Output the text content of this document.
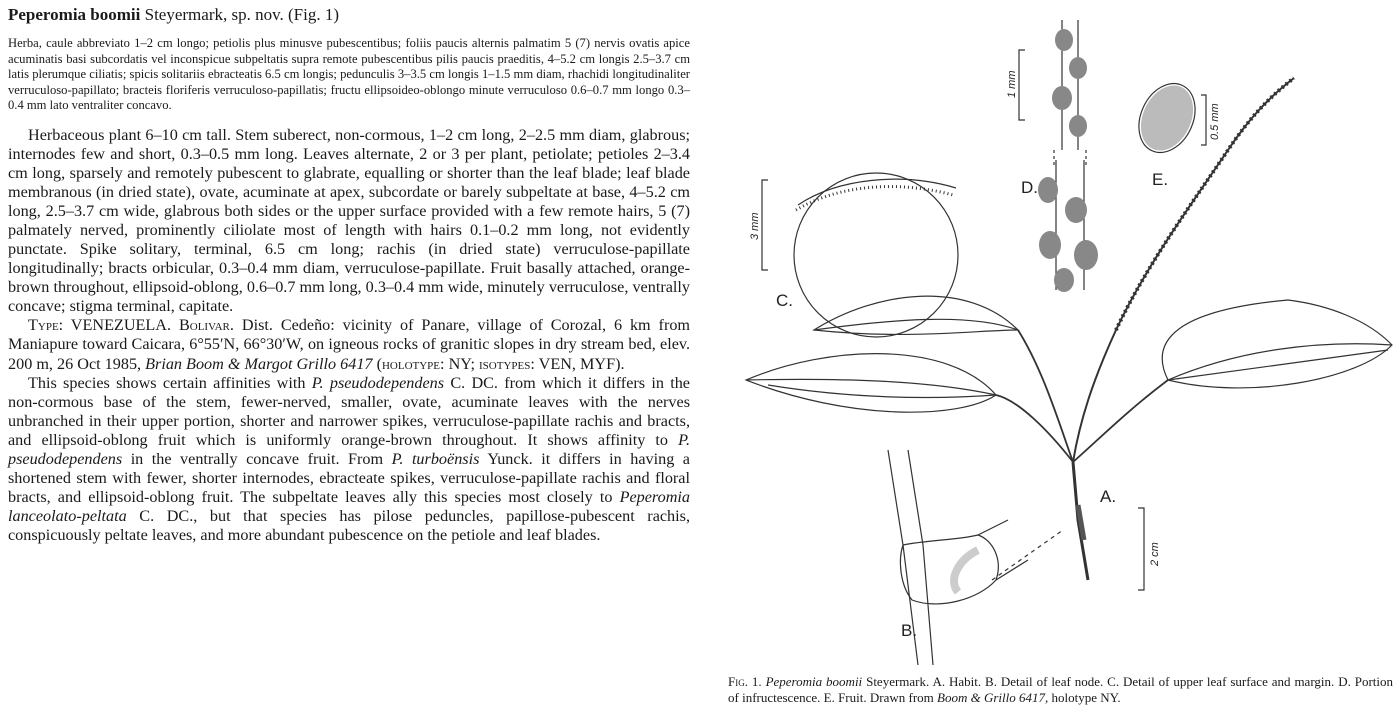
Peperomia boomii Steyermark, sp. nov. (Fig. 1)

Herba, caule abbreviato 1–2 cm longo; petiolis plus minusve pubescentibus; foliis paucis alternis palmatim 5 (7) nervis ovatis apice acuminatis basi subcordatis vel inconspicue subpeltatis supra remote pubescentibus pilis paucis praeditis, 4–5.2 cm longis 2.5–3.7 cm latis plerumque ciliatis; spicis solitariis ebracteatis 6.5 cm longis; pedunculis 3–3.5 cm longis 1–1.5 mm diam, rhachidi longitudinaliter verruculoso-papillato; bracteis floriferis verruculoso-papillatis; fructu ellipsoideo-oblongo minute verruculoso 0.6–0.7 mm longo 0.3–0.4 mm lato ventraliter concavo.

Herbaceous plant 6–10 cm tall. Stem suberect, non-cormous, 1–2 cm long, 2–2.5 mm diam, glabrous; internodes few and short, 0.3–0.5 mm long. Leaves alternate, 2 or 3 per plant, petiolate; petioles 2–3.4 cm long, sparsely and remotely pubescent to glabrate, equalling or shorter than the leaf blade; leaf blade membranous (in dried state), ovate, acuminate at apex, subcordate or barely subpeltate at base, 4–5.2 cm long, 2.5–3.7 cm wide, glabrous both sides or the upper surface provided with a few remote hairs, 5 (7) palmately nerved, prominently ciliolate most of length with hairs 0.1–0.2 mm long, not evidently punctate. Spike solitary, terminal, 6.5 cm long; rachis (in dried state) verruculose-papillate longitudinally; bracts orbicular, 0.3–0.4 mm diam, verruculose-papillate. Fruit basally attached, orange-brown throughout, ellipsoid-oblong, 0.6–0.7 mm long, 0.3–0.4 mm wide, minutely verruculose, ventrally concave; stigma terminal, capitate.

Type: VENEZUELA. Bolivar. Dist. Cedeño: vicinity of Panare, village of Corozal, 6 km from Maniapure toward Caicara, 6°55′N, 66°30′W, on igneous rocks of granitic slopes in dry stream bed, elev. 200 m, 26 Oct 1985, Brian Boom & Margot Grillo 6417 (holotype: NY; isotypes: VEN, MYF).

This species shows certain affinities with P. pseudodependens C. DC. from which it differs in the non-cormous base of the stem, fewer-nerved, smaller, ovate, acuminate leaves with the nerves unbranched in their upper portion, shorter and narrower spikes, verruculose-papillate rachis and bracts, and ellipsoid-oblong fruit which is uniformly orange-brown throughout. It shows affinity to P. pseudodependens in the ventrally concave fruit. From P. turboënsis Yunck. it differs in having a shortened stem with fewer, shorter internodes, ebracteate spikes, verruculose-papillate rachis and floral bracts, and ellipsoid-oblong fruit. The subpeltate leaves ally this species most closely to Peperomia lanceolato-peltata C. DC., but that species has pilose peduncles, papillose-pubescent rachis, conspicuously peltate leaves, and more abundant pubescence on the petiole and leaf blades.

A.
B.
C.
D.	E.
3 mm
1 mm
0.5 mm
2 cm
Fig. 1. Peperomia boomii Steyermark. A. Habit. B. Detail of leaf node. C. Detail of upper leaf surface and margin. D. Portion of infructescence. E. Fruit. Drawn from Boom & Grillo 6417, holotype NY.
